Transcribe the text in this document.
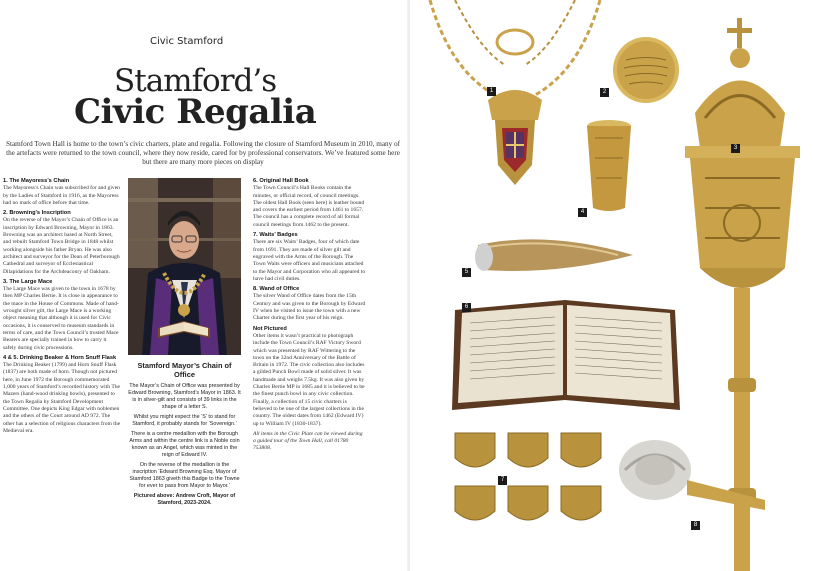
Civic Stamford
Stamford’s
Civic Regalia
Stamford Town Hall is home to the town’s civic charters, plate and regalia. Following the closure of Stamford Museum in 2010, many of the artefacts were returned to the town council, where they now reside, cared for by professional conservators. We’ve featured some here but there are many more pieces on display
1. The Mayoress’s Chain

The Mayoress’s Chain was subscribed for and given by the Ladies of Stamford in 1916, as the Mayoress had no mark of office before that time.

2. Browning’s Inscription

On the reverse of the Mayor’s Chain of Office is an inscription by Edward Browning, Mayor in 1863. Browning was an architect based at North Street, and rebuilt Stamford Town Bridge in 1848 whilst working alongside his father Bryan. He was also architect and surveyor for the Dean of Peterborough Cathedral and surveyor of Ecclesiastical Dilapidations for the Archdeaconry of Oakham.

3. The Large Mace

The Large Mace was given to the town in 1678 by then MP Charles Bertie. It is close in appearance to the mace in the House of Commons. Made of hand-wrought silver gilt, the Large Mace is a working object meaning that although it is used for Civic occasions, it is conserved to museum standards in terms of care, and the Town Council’s trusted Mace Bearers are specially trained in how to carry it safely during civic processions.

4 & 5. Drinking Beaker & Horn Snuff Flask

The Drinking Beaker (1799) and Horn Snuff Flask (1837) are both made of horn. Though not pictured here, in June 1972 the Borough commemorated 1,000 years of Stamford’s recorded history with The Mazers (hand-wood drinking bowls), presented to the Town Regalia by Stamford Development Committee. One depicts King Edgar with noblemen and the others of the Court around AD 972. The other has a selection of religious characters from the Medieval era.

Stamford Mayor’s Chain of Office

The Mayor’s Chain of Office was presented by Edward Browning, Stamford’s Mayor in 1863. It is in silver-gilt and consists of 39 links in the shape of a letter S.

Whilst you might expect the ‘S’ to stand for Stamford, it probably stands for ‘Sovereign.’

There is a centre medallion with the Borough Arms and within the centre link is a Noble coin known as an Angel, which was minted in the reign of Edward IV.

On the reverse of the medallion is the inscription ‘Edward Browning Esq. Mayor of Stamford 1863 giveth this Badge to the Towne for ever to pass from Mayor to Mayor.’

Pictured above: Andrew Croft, Mayor of Stamford, 2023-2024.

6. Original Hall Book

The Town Council’s Hall Books contain the minutes, or official record, of council meetings. The oldest Hall Book (seen here) is leather bound and covers the earliest period from 1461 to 1657. The council has a complete record of all formal council meetings from 1462 to the present.

7. Waits’ Badges

There are six Waits’ Badges, four of which date from 1691. They are made of silver gilt and engraved with the Arms of the Borough. The Town Waits were officers and musicians attached to the Mayor and Corporation who all appeared to have had civil duties.

8. Wand of Office

The silver Wand of Office dates from the 15th Century and was given to the Borough by Edward IV when he visited to issue the town with a new Charter during the first year of his reign.

Not Pictured

Other items it wasn’t practical to photograph include the Town Council’s RAF Victory Sword which was presented by RAF Wittering to the town on the 32nd Anniversary of the Battle of Britain in 1972. The civic collection also includes a gilded Punch Bowl made of solid silver. It was handmade and weighs 7.5kg. It was also given by Charles Bertie MP in 1685 and it is believed to be the finest punch bowl in any civic collection. Finally, a collection of 15 civic charters is believed to be one of the largest collections in the country. The oldest dates from 1462 (Edward IV) up to William IV (1830-1837).

All items in the Civic Plate can be viewed during a guided tour of the Town Hall, call 01780 753808.

1	2
3
4
5
6
7
8
